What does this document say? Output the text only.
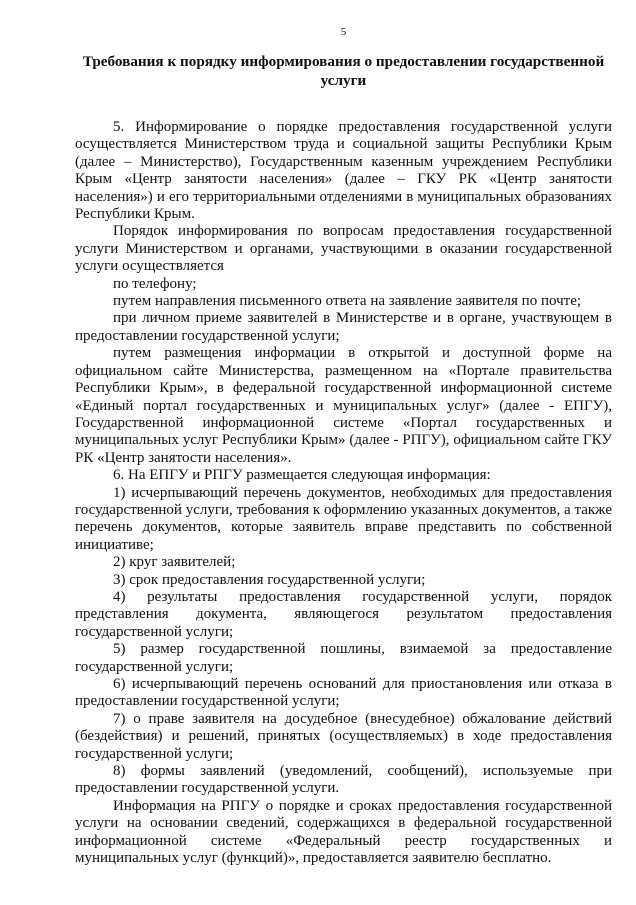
5
Требования к порядку информирования о предоставлении государственной услуги

5. Информирование о порядке предоставления государственной услуги осуществляется Министерством труда и социальной защиты Республики Крым (далее – Министерство), Государственным казенным учреждением Республики Крым «Центр занятости населения» (далее – ГКУ РК «Центр занятости населения») и его территориальными отделениями в муниципальных образованиях Республики Крым.

Порядок информирования по вопросам предоставления государственной услуги Министерством и органами, участвующими в оказании государственной услуги осуществляется

по телефону;

путем направления письменного ответа на заявление заявителя по почте;

при личном приеме заявителей в Министерстве и в органе, участвующем в предоставлении государственной услуги;

путем размещения информации в открытой и доступной форме на официальном сайте Министерства, размещенном на «Портале правительства Республики Крым», в федеральной государственной информационной системе «Единый портал государственных и муниципальных услуг» (далее - ЕПГУ), Государственной информационной системе «Портал государственных и муниципальных услуг Республики Крым» (далее - РПГУ), официальном сайте ГКУ РК «Центр занятости населения».

6. На ЕПГУ и РПГУ размещается следующая информация:

1) исчерпывающий перечень документов, необходимых для предоставления государственной услуги, требования к оформлению указанных документов, а также перечень документов, которые заявитель вправе представить по собственной инициативе;

2) круг заявителей;

3) срок предоставления государственной услуги;

4) результаты предоставления государственной услуги, порядок представления документа, являющегося результатом предоставления государственной услуги;

5) размер государственной пошлины, взимаемой за предоставление государственной услуги;

6) исчерпывающий перечень оснований для приостановления или отказа в предоставлении государственной услуги;

7) о праве заявителя на досудебное (внесудебное) обжалование действий (бездействия) и решений, принятых (осуществляемых) в ходе предоставления государственной услуги;

8) формы заявлений (уведомлений, сообщений), используемые при предоставлении государственной услуги.

Информация на РПГУ о порядке и сроках предоставления государственной услуги на основании сведений, содержащихся в федеральной государственной информационной системе «Федеральный реестр государственных и муниципальных услуг (функций)», предоставляется заявителю бесплатно.
